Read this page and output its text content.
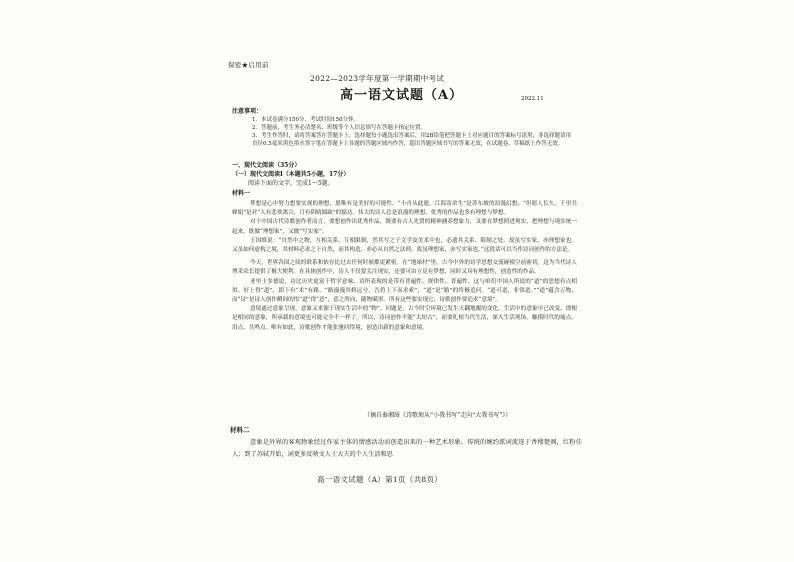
保密★启用前
2022—2023学年度第一学期期中考试
高一语文试题（A）	2022.11
注意事项：
1．本试卷满分150分，考试时间150分钟。
2．答题前，考生务必清楚名、班级等个人信息填写在答题卡指定位置。
3．考生作答时，请将答案答在答题卡上。选择题每小题选出答案后，用2B铅笔把答题卡上对应题目的答案标号涂黑；非选择题请用直径0.5毫米黑色墨水签字笔在答题卡上各题的答题区域内作答，超出答题区域书写的答案无效，在试题卷、草稿纸上作答无效。
一、现代文阅读（35分）
（一）现代文阅读Ⅰ（本题共5小题，17分）
阅读下面的文字，完成1～5题。
材料一

梦想是心中努力想要实现的理想，愿唯有是美好的可能性。“小舟从此逝，江海寄余生”是苏东坡的浪漫幻想；“但愿人长久，千里共婵娟”是对“人有悲欢离合，月有阴晴圆缺”的豁达。伟大的诗人总是浪漫的理想，优秀的作品也多有理想与梦想。

对于中国古代诗歌创作者而言，要想创作出优秀作品，既要有古人先贤的精神涵养想象力，又要在梦想照进现实，把理想与现实统一起来，既做“理想家”，又做“写实家”。

王国维说：“自然中之物，互相关系，互相限制，然其写之于文学及美术中也，必遗其关系、限制之处。故虽写实家，亦理想家也。又虽如何虚构之境，其材料必求之于自然，而其构造，亦必从自然之法则。故虽理想家，亦写实家也。”这段话可以当作诗词创作的方法论。

今天，世界各国之间的联系和依存比过去任何时候都更紧密。在“地球村”里，古今中外的诗学思想交流碰撞空前密切，这为当代诗人博采众长提供了极大便利。在具体创作中，诗人不仅要关注现实，还要可由立足有梦想，同时又具有理想性，创造性的作品。

亚里士多德说，诗比历史更富于哲学意味，诗所表现的是带有普遍性、规律性、普遍性。这与咱们中国人所说的“道”的思想有点相似。好上得“道”，即下有“术”有路。“路漫漫其修远兮，吾将上下而求索”，“道”是“路”的终极追问。“道可道，非常道。”“道”蕴含万物，而“诗”是诗人创作瞬间的悟“道”得“意”，意之所向，随物赋形。所有这些要实现它，诗歌创作要追求“意境”。

意境通过意象呈现，意象又来源于现实生活中的“物”。问题是，古今时空环境已发生天翻地覆的变化，生活中的意象早已改变，即便是相同的意象，所承载的意境也可能完全不一样了。所以，诗词创作不能“太短古”，而要扎根当代生活，深入生活现场，触摸时代的痛点、泪点、共鸣点。唯有如此，诗歌创作才能张驰回得境，创造出新的意象和意境。

（摘自秦湘绮《诗歌须从“小我书写”走向“大我书写”》）
材料二
意象是外界的客观物象经过作家主体的情感活动而创造出来的一种艺术形象。传统的婉约派词流连于香楼楚阁，红粉佳人；到了苏轼开始，词更多反映文人士大夫的个人生活和思
高一语文试题（A）第1页（共8页）
